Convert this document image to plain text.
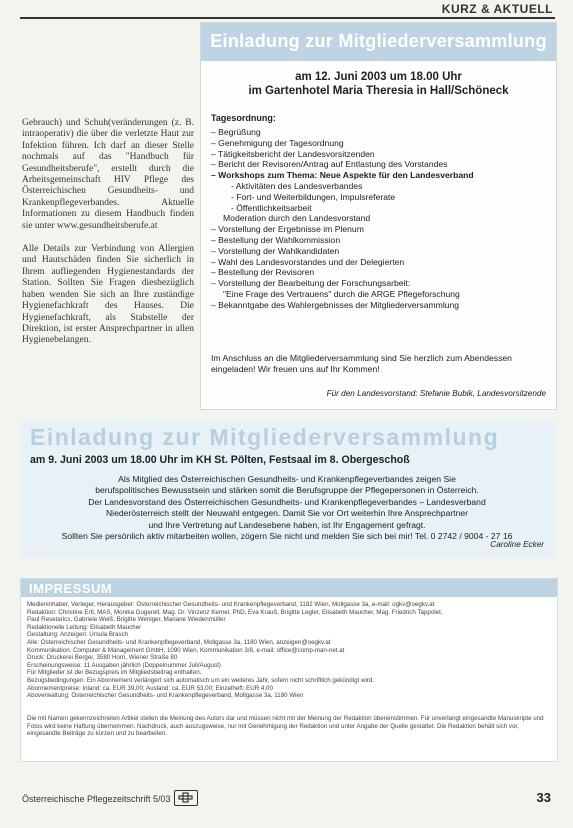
KURZ & AKTUELL

Gebrauch) und Schuh(veränderungen (z. B. intraoperativ) die über die verletzte Haut zur Infektion führen. Ich darf an dieser Stelle nochmals auf das "Handbuch für Gesundheitsberufe", erstellt durch die Arbeitsgemeinschaft HIV Pflege des Österreichischen Gesundheits- und Krankenpflegeverbandes. Aktuelle Informationen zu diesem Handbuch finden sie unter www.gesundheitsberufe.at

Alle Details zur Verbindung von Allergien und Hautschäden finden Sie sicherlich in Ihrem aufliegenden Hygienestandards der Station. Sollten Sie Fragen diesbezüglich haben wenden Sie sich an Ihre zuständige Hygienefachkraft des Hauses. Die Hygienefachkraft, als Stabstelle der Direktion, ist erster Ansprechpartner in allen Hygienebelangen.

Einladung zur Mitgliederversammlung
am 12. Juni 2003 um 18.00 Uhr
im Gartenhotel Maria Theresia in Hall/Schöneck
Tagesordnung:
– Begrüßung
– Genehmigung der Tagesordnung
– Tätigkeitsbericht der Landesvorsitzenden
– Bericht der Revisoren/Antrag auf Entlastung des Vorstandes
– Workshops zum Thema: Neue Aspekte für den Landesverband
- Aktivitäten des Landesverbandes
- Fort- und Weiterbildungen, Impulsreferate
- Öffentlichkeitsarbeit
Moderation durch den Landesvorstand
– Vorstellung der Ergebnisse im Plenum
– Bestellung der Wahlkommission
– Vorstellung der Wahlkandidaten
– Wahl des Landesvorstandes und der Delegierten
– Bestellung der Revisoren
– Vorstellung der Bearbeitung der Forschungsarbeit:
"Eine Frage des Vertrauens" durch die ARGE Pflegeforschung
– Bekanntgabe des Wahlergebnisses der Mitgliederversammlung
Im Anschluss an die Mitgliederversammlung sind Sie herzlich zum Abendessen eingeladen! Wir freuen uns auf Ihr Kommen!
Für den Landesvorstand: Stefanie Bubik, Landesvorsitzende
Einladung zur Mitgliederversammlung
am 9. Juni 2003 um 18.00 Uhr im KH St. Pölten, Festsaal im 8. Obergeschoß
Als Mitglied des Österreichischen Gesundheits- und Krankenpflegeverbandes zeigen Sie
berufspolitisches Bewusstsein und stärken somit die Berufsgruppe der Pflegepersonen in Österreich.
Der Landesvorstand des Österreichischen Gesundheits- und Krankenpflegeverbandes – Landesverband
Niederösterreich stellt der Neuwahl entgegen. Damit Sie vor Ort weiterhin Ihre Ansprechpartner
und Ihre Vertretung auf Landesebene haben, ist Ihr Engagement gefragt.
Sollten Sie persönlich aktiv mitarbeiten wollen, zögern Sie nicht und melden Sie sich bei mir! Tel. 0 2742 / 9004 - 27 16
Caroline Ecker
IMPRESSUM
Medieninhaber, Verleger, Herausgeber: Österreichischer Gesundheits- und Krankenpflegeverband, 1182 Wien, Mollgasse 3a, e-mail: ogkv@oegkv.at
Redaktion: Christine Ertl, MAS, Monika Gugerell, Mag. Dr. Vinzenz Kernel, PhD, Eva Krauß, Brigitte Legler, Elisabeth Maucher, Mag. Friedrich Tappolet,
Paul Resetarics, Gabriele Weiß, Brigitte Weniger, Mariane Wiedenmüller
Redaktionelle Leitung: Elisabeth Maucher
Gestaltung: Anzeigen: Ursula Brasch
Alle: Österreichischer Gesundheits- und Krankenpflegeverband, Mollgasse 3a, 1180 Wien, anzeigen@oegkv.at
Kommunikation: Computer & Management GmbH, 1090 Wien, Kommunikation 3/8, e-mail: office@comp-man-net.at
Druck: Druckerei Berger, 3580 Horn, Wiener Straße 80
Erscheinungsweise: 11 Ausgaben jährlich (Doppelnummer Juli/August)
Für Mitglieder ist der Bezugspreis im Mitgliedsbeitrag enthalten.
Bezugsbedingungen: Ein Abonnement verlängert sich automatisch um ein weiteres Jahr, sofern nicht schriftlich gekündigt wird.
Abonnementpreise: Inland: ca. EUR 39,00; Ausland: ca. EUR 53,00; Einzelheft: EUR 4,00
Aboverwaltung: Österreichischer Gesundheits- und Krankenpflegeverband, Mollgasse 3a, 1180 Wien
Die mit Namen gekennzeichneten Artikel stellen die Meinung des Autors dar und müssen nicht mit der Meinung der Redaktion übereinstimmen. Für unverlangt eingesandte Manuskripte und Fotos wird keine Haftung übernommen. Nachdruck, auch auszugsweise, nur mit Genehmigung der Redaktion und unter Angabe der Quelle gestattet. Die Redaktion behält sich vor, eingesandte Beiträge zu kürzen und zu bearbeiten.
Österreichische Pflegezeitschrift 5/03	33
